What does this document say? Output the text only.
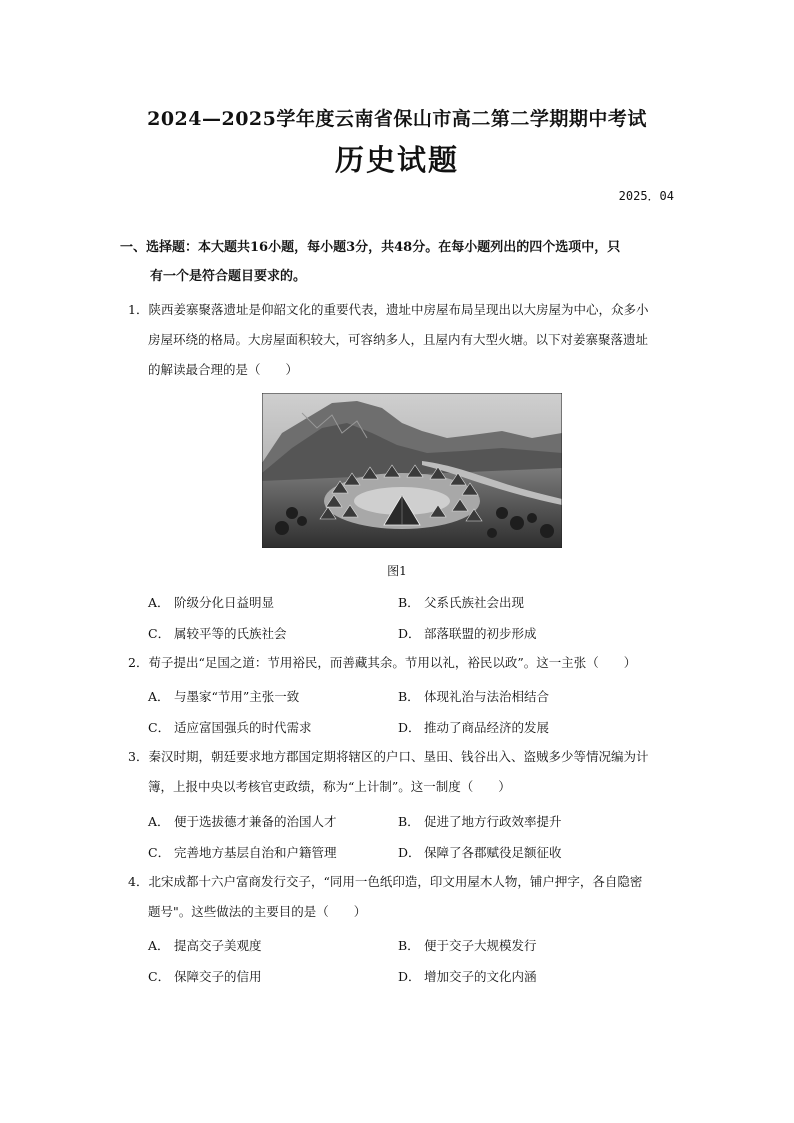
2024—2025学年度云南省保山市高二第二学期期中考试
历史试题
2025．04
一、选择题：本大题共16小题，每小题3分，共48分。在每小题列出的四个选项中，只
有一个是符合题目要求的。
1．陕西姜寨聚落遗址是仰韶文化的重要代表，遗址中房屋布局呈现出以大房屋为中心，众多小
房屋环绕的格局。大房屋面积较大，可容纳多人，且屋内有大型火塘。以下对姜寨聚落遗址
的解读最合理的是（　　）
图1
A． 阶级分化日益明显	B． 父系氏族社会出现
C． 属较平等的氏族社会	D． 部落联盟的初步形成
2．荀子提出“足国之道：节用裕民，而善藏其余。节用以礼，裕民以政”。这一主张（　　）
A． 与墨家“节用”主张一致	B． 体现礼治与法治相结合
C． 适应富国强兵的时代需求	D． 推动了商品经济的发展
3．秦汉时期，朝廷要求地方郡国定期将辖区的户口、垦田、钱谷出入、盗贼多少等情况编为计
簿，上报中央以考核官吏政绩，称为“上计制”。这一制度（　　）
A． 便于选拔德才兼备的治国人才	B． 促进了地方行政效率提升
C． 完善地方基层自治和户籍管理	D． 保障了各郡赋役足额征收
4．北宋成都十六户富商发行交子，“同用一色纸印造，印文用屋木人物，铺户押字，各自隐密
题号"。这些做法的主要目的是（　　）
A． 提高交子美观度	B． 便于交子大规模发行
C． 保障交子的信用	D． 增加交子的文化内涵
